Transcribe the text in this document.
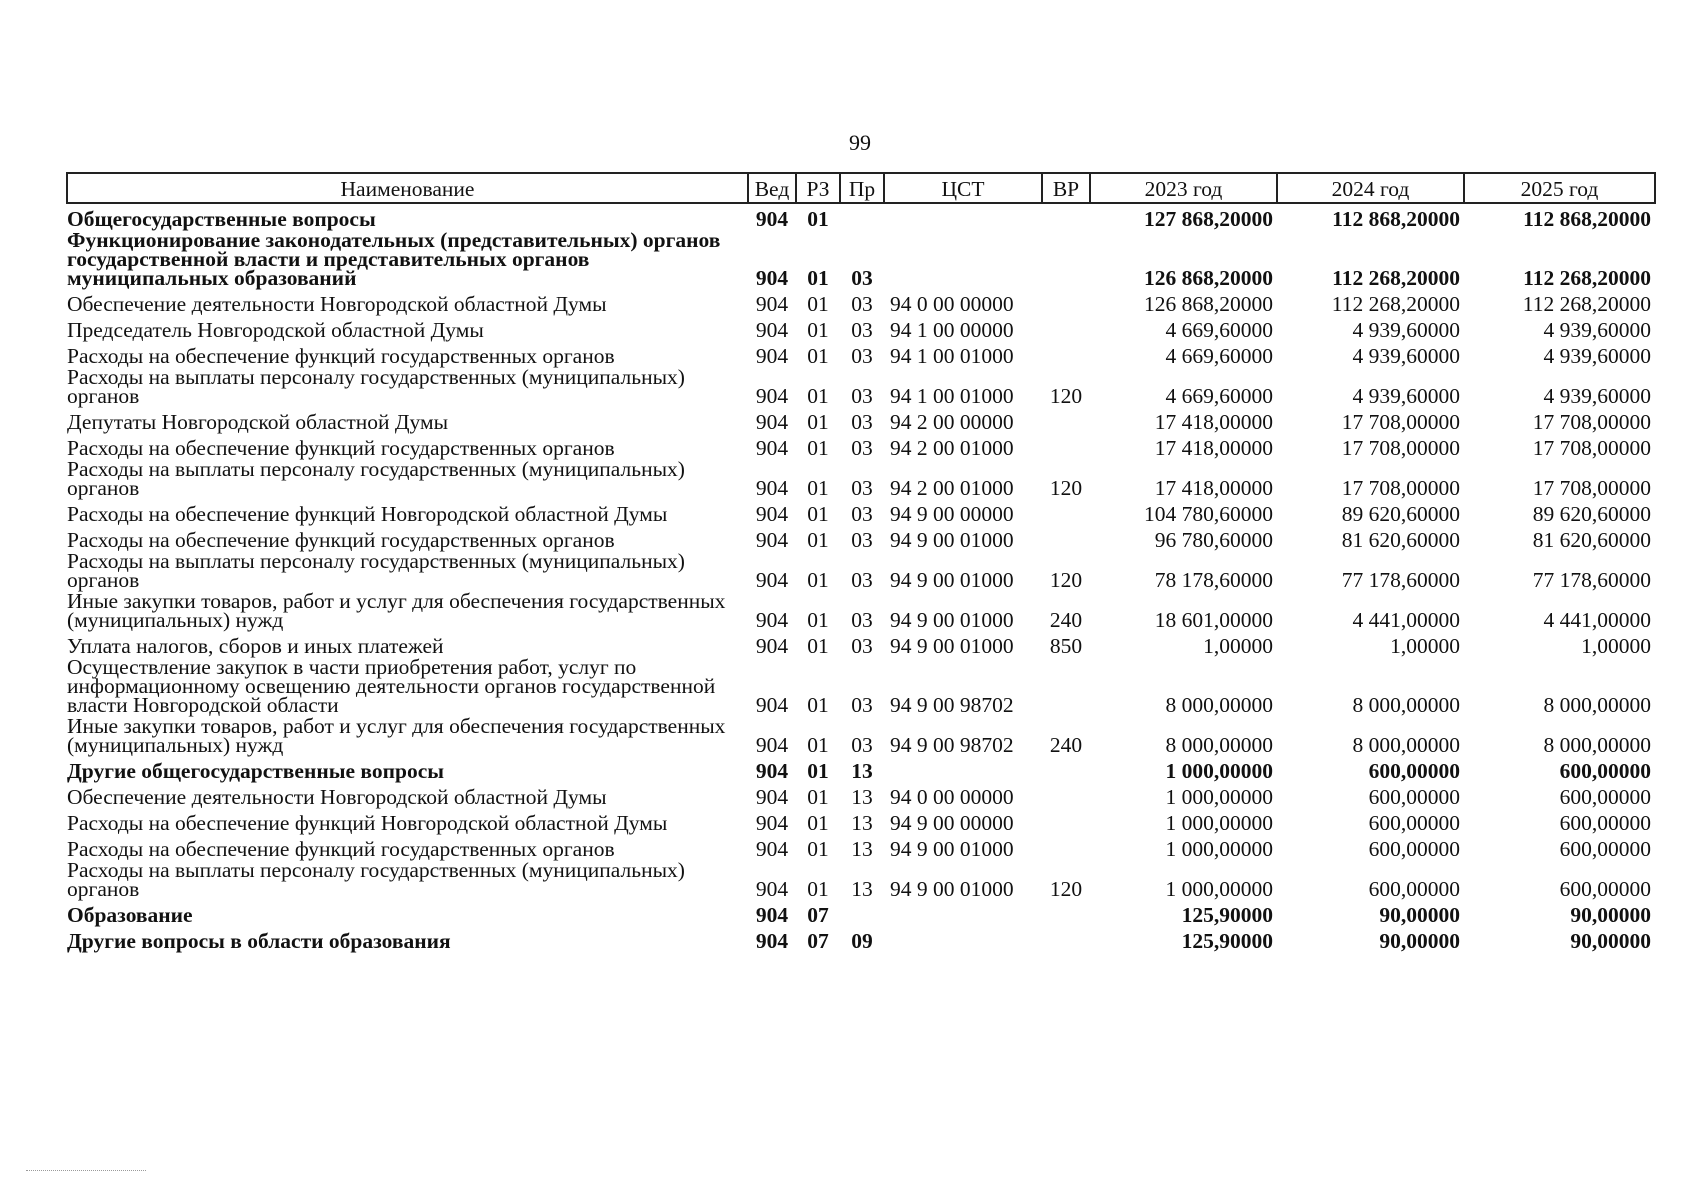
99
Наименование	Вед	РЗ	Пр	ЦСТ	ВР	2023 год	2024 год	2025 год
Общегосударственные вопросы	904	01				127 868,20000	112 868,20000	112 868,20000
Функционирование законодательных (представительных) органов государственной власти и представительных органов муниципальных образований	904	01	03			126 868,20000	112 268,20000	112 268,20000
Обеспечение деятельности Новгородской областной Думы	904	01	03	94 0 00 00000		126 868,20000	112 268,20000	112 268,20000
Председатель Новгородской областной Думы	904	01	03	94 1 00 00000		4 669,60000	4 939,60000	4 939,60000
Расходы на обеспечение функций государственных органов	904	01	03	94 1 00 01000		4 669,60000	4 939,60000	4 939,60000
Расходы на выплаты персоналу государственных (муниципальных) органов	904	01	03	94 1 00 01000	120	4 669,60000	4 939,60000	4 939,60000
Депутаты Новгородской областной Думы	904	01	03	94 2 00 00000		17 418,00000	17 708,00000	17 708,00000
Расходы на обеспечение функций государственных органов	904	01	03	94 2 00 01000		17 418,00000	17 708,00000	17 708,00000
Расходы на выплаты персоналу государственных (муниципальных) органов	904	01	03	94 2 00 01000	120	17 418,00000	17 708,00000	17 708,00000
Расходы на обеспечение функций Новгородской областной Думы	904	01	03	94 9 00 00000		104 780,60000	89 620,60000	89 620,60000
Расходы на обеспечение функций государственных органов	904	01	03	94 9 00 01000		96 780,60000	81 620,60000	81 620,60000
Расходы на выплаты персоналу государственных (муниципальных) органов	904	01	03	94 9 00 01000	120	78 178,60000	77 178,60000	77 178,60000
Иные закупки товаров, работ и услуг для обеспечения государственных (муниципальных) нужд	904	01	03	94 9 00 01000	240	18 601,00000	4 441,00000	4 441,00000
Уплата налогов, сборов и иных платежей	904	01	03	94 9 00 01000	850	1,00000	1,00000	1,00000
Осуществление закупок в части приобретения работ, услуг по информационному освещению деятельности органов государственной власти Новгородской области	904	01	03	94 9 00 98702		8 000,00000	8 000,00000	8 000,00000
Иные закупки товаров, работ и услуг для обеспечения государственных (муниципальных) нужд	904	01	03	94 9 00 98702	240	8 000,00000	8 000,00000	8 000,00000
Другие общегосударственные вопросы	904	01	13			1 000,00000	600,00000	600,00000
Обеспечение деятельности Новгородской областной Думы	904	01	13	94 0 00 00000		1 000,00000	600,00000	600,00000
Расходы на обеспечение функций Новгородской областной Думы	904	01	13	94 9 00 00000		1 000,00000	600,00000	600,00000
Расходы на обеспечение функций государственных органов	904	01	13	94 9 00 01000		1 000,00000	600,00000	600,00000
Расходы на выплаты персоналу государственных (муниципальных) органов	904	01	13	94 9 00 01000	120	1 000,00000	600,00000	600,00000
Образование	904	07				125,90000	90,00000	90,00000
Другие вопросы в области образования	904	07	09			125,90000	90,00000	90,00000
